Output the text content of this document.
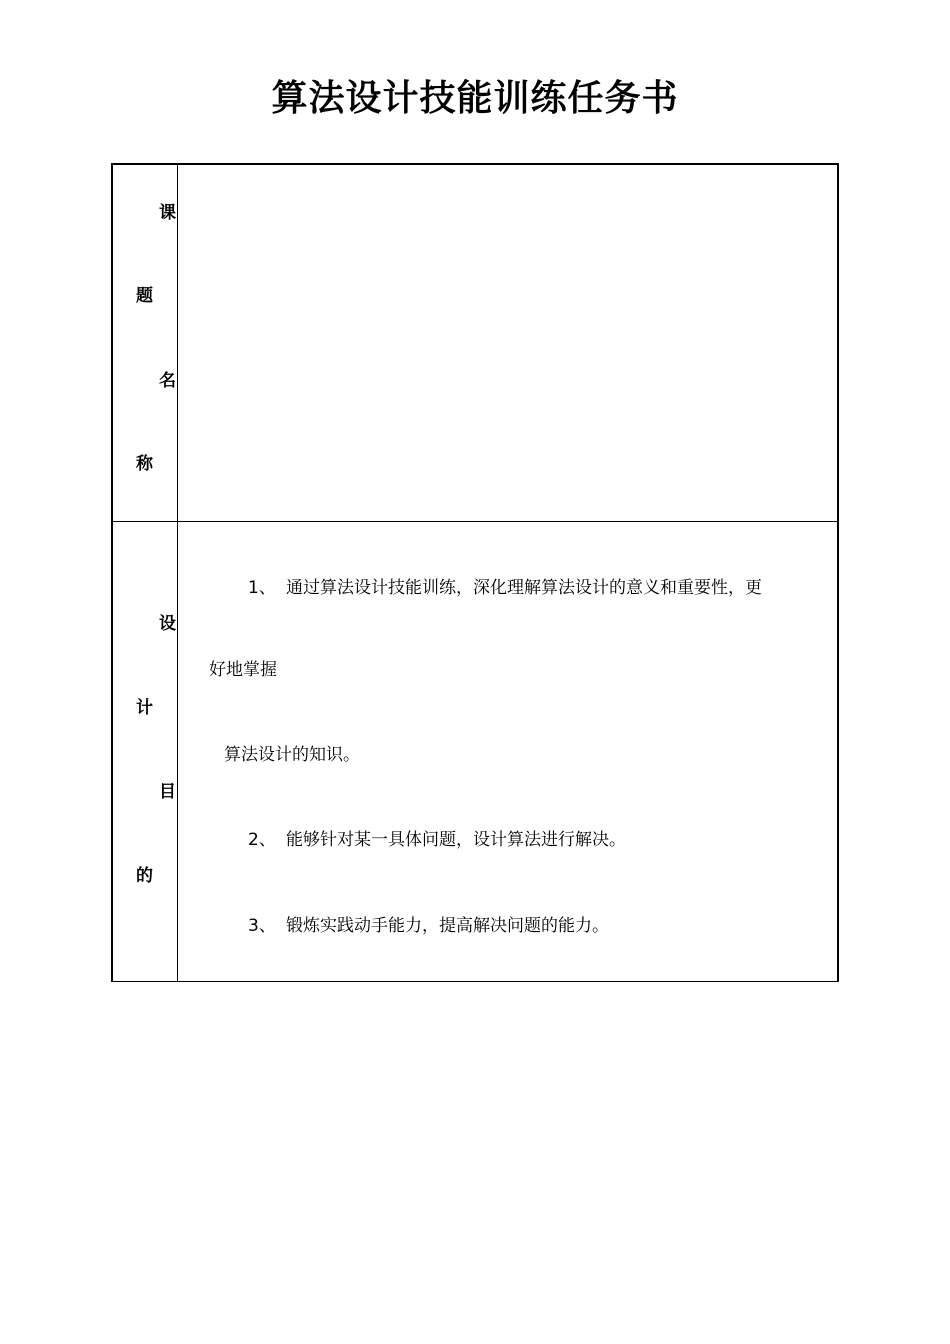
算法设计技能训练任务书
课
题
名
称
设
计
目
的
1、 通过算法设计技能训练，深化理解算法设计的意义和重要性，更
好地掌握
算法设计的知识。
2、 能够针对某一具体问题，设计算法进行解决。
3、 锻炼实践动手能力，提高解决问题的能力。
